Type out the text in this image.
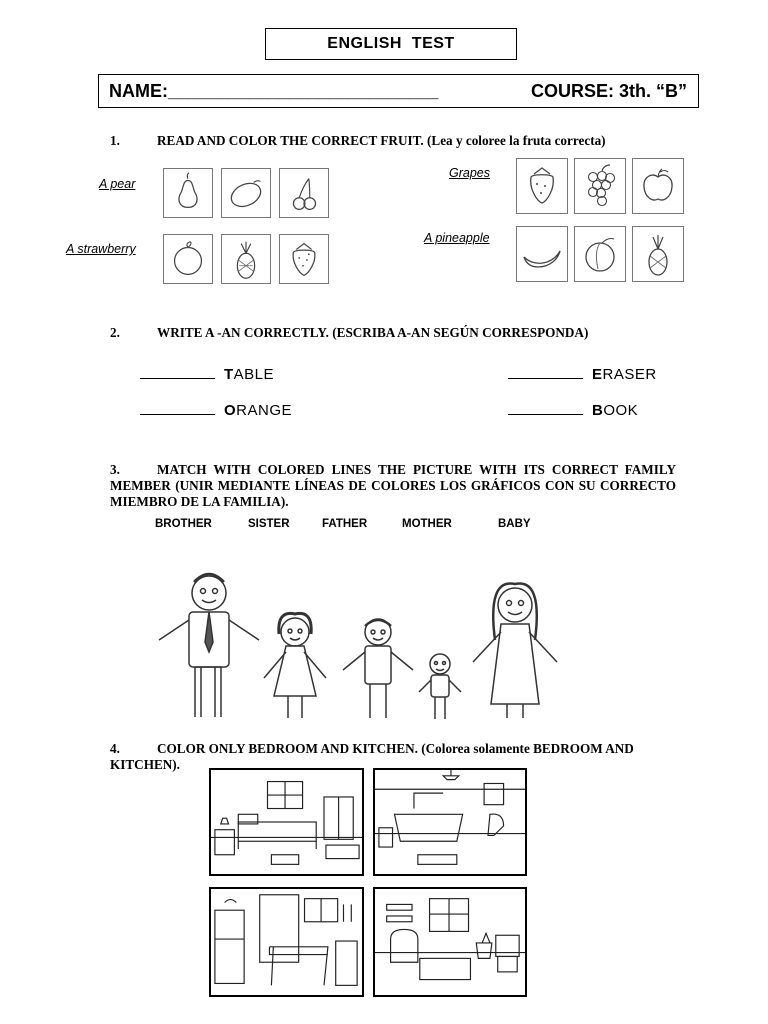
ENGLISH  TEST
NAME:___________________________	COURSE: 3th. “B”
1.	READ AND COLOR THE CORRECT FRUIT. (Lea y coloree la fruta correcta)
A pear
A strawberry
Grapes
A pineapple
2.	WRITE A -AN CORRECTLY. (ESCRIBA A-AN SEGÚN CORRESPONDA)
TABLE	ERASER
ORANGE	BOOK
3.	MATCH WITH COLORED LINES THE PICTURE WITH ITS CORRECT FAMILY MEMBER (UNIR MEDIANTE LÍNEAS DE COLORES LOS GRÁFICOS CON SU CORRECTO MIEMBRO DE LA FAMILIA).
BROTHER	SISTER	FATHER	MOTHER	BABY
4.	COLOR ONLY BEDROOM AND KITCHEN. (Colorea solamente BEDROOM AND KITCHEN).
